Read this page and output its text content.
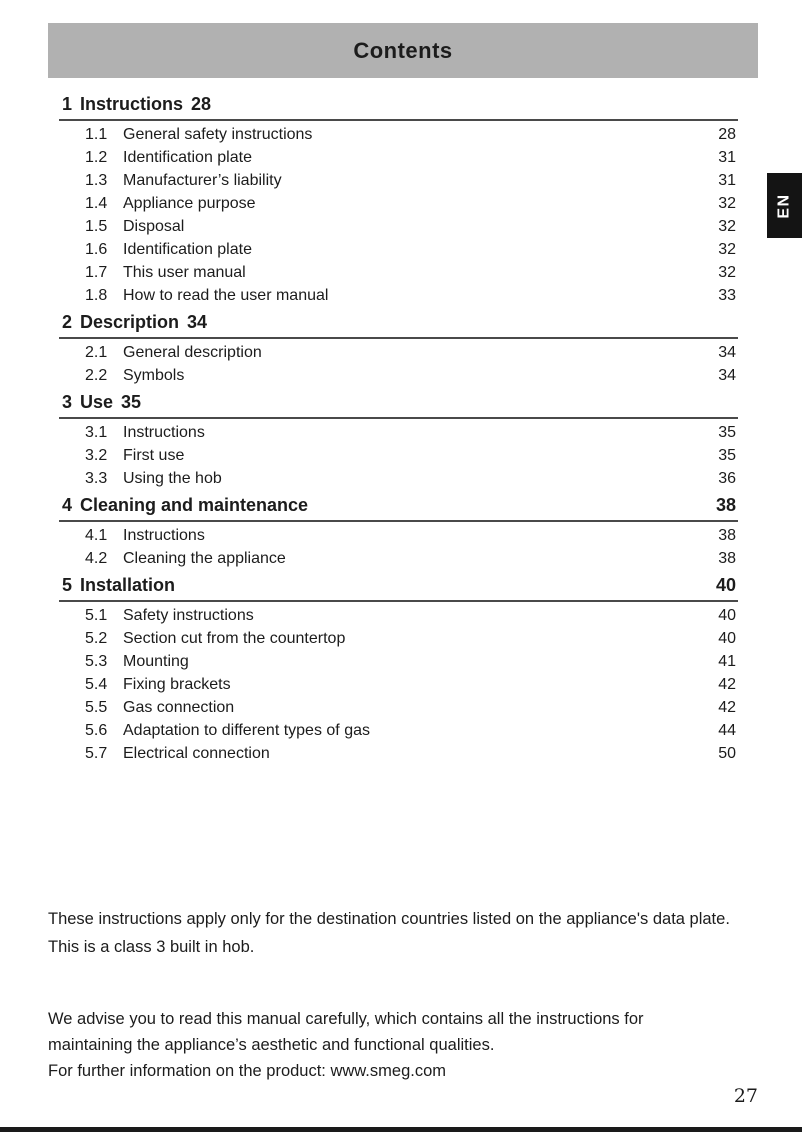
Contents
EN
1 Instructions 28
1.1 General safety instructions	28
1.2 Identification plate	31
1.3 Manufacturer’s liability	31
1.4 Appliance purpose	32
1.5 Disposal	32
1.6 Identification plate	32
1.7 This user manual	32
1.8 How to read the user manual	33
2 Description 34
2.1 General description	34
2.2 Symbols	34
3 Use 35
3.1 Instructions	35
3.2 First use	35
3.3 Using the hob	36
4 Cleaning and maintenance	38
4.1 Instructions	38
4.2 Cleaning the appliance	38
5 Installation	40
5.1 Safety instructions	40
5.2 Section cut from the countertop	40
5.3 Mounting	41
5.4 Fixing brackets	42
5.5 Gas connection	42
5.6 Adaptation to different types of gas	44
5.7 Electrical connection	50
These instructions apply only for the destination countries listed on the appliance's data plate.
This is a class 3 built in hob.
We advise you to read this manual carefully, which contains all the instructions for
maintaining the appliance’s aesthetic and functional qualities.
For further information on the product: www.smeg.com
27
